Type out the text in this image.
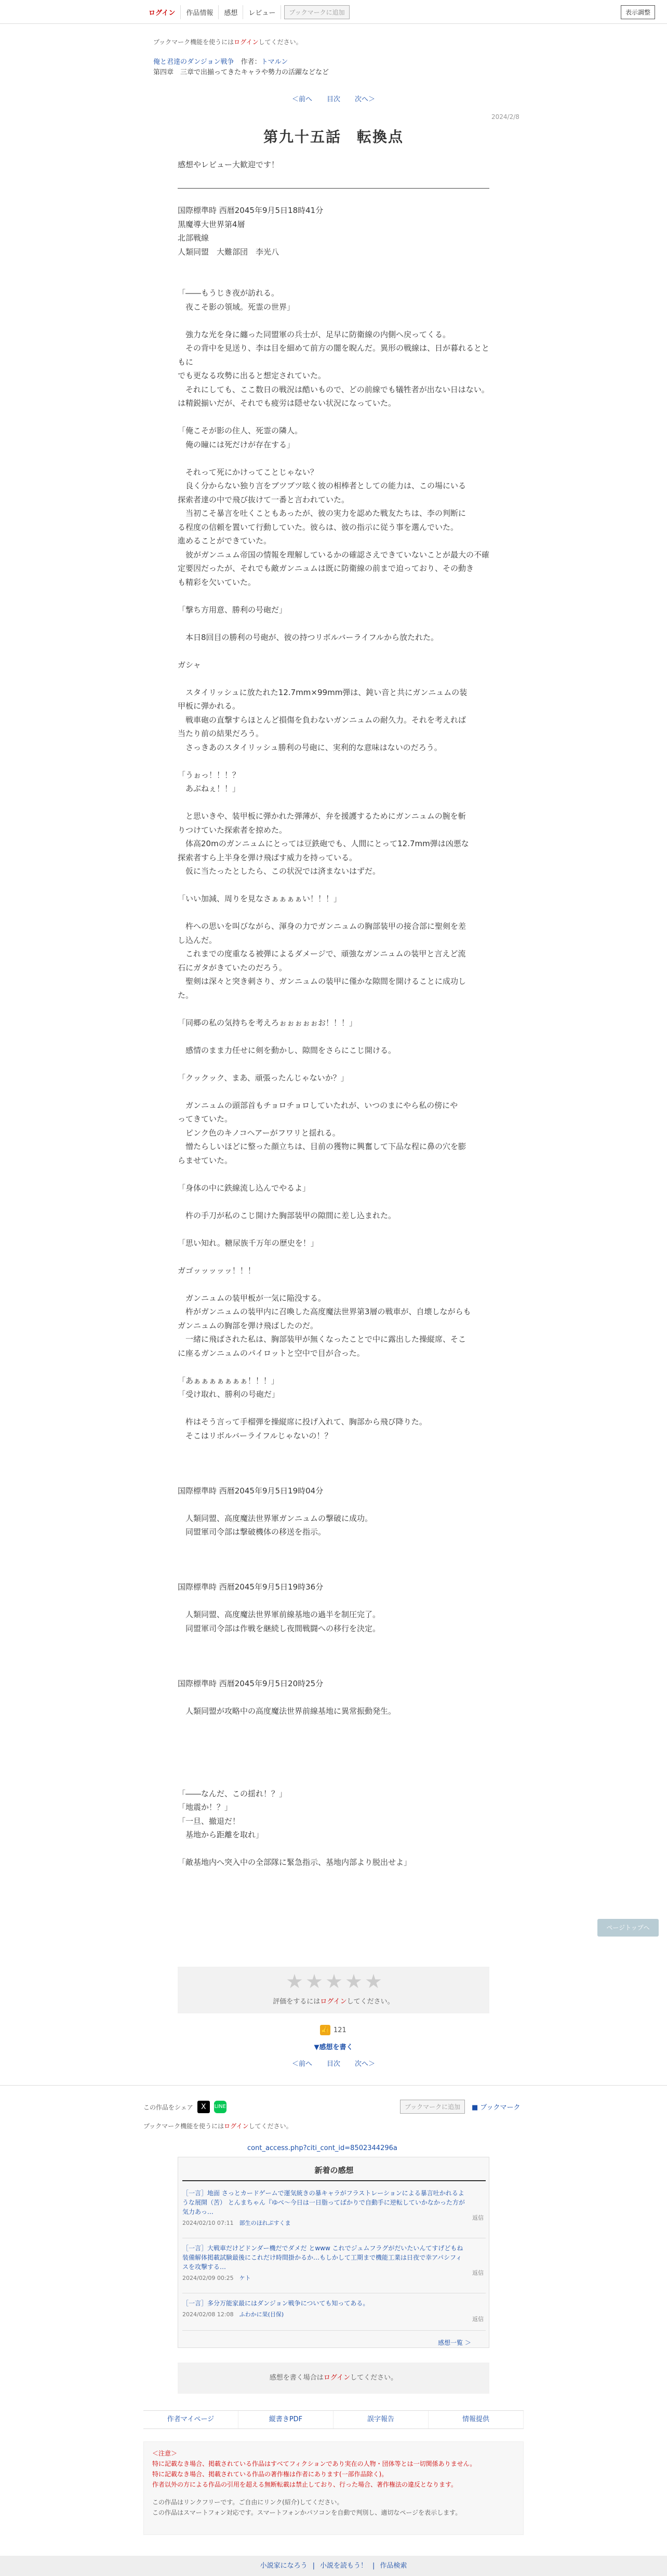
ログイン	作品情報	感想	レビュー	ブックマークに追加	表示調整
ブックマーク機能を使うにはログインしてください。
俺と君達のダンジョン戦争　 作者：トマルン
第四章　三章で出揃ってきたキャラや勢力の活躍などなど
＜前へ 目次 次へ＞
2024/2/8
第九十五話　転換点
感想やレビュー大歓迎です！

国際標準時 西暦2045年9月5日18時41分

黒魔導大世界第4層

北部戦線

人類同盟　大難部団　李光八

「――もうじき夜が訪れる。

　夜こそ影の領域。死霊の世界」

　強力な光を身に纏った同盟軍の兵士が、足早に防衛線の内側へ戻ってくる。

　その背中を見送り、李は目を細めて前方の闇を睨んだ。異形の戦線は、日が暮れるとともに

でも更なる攻勢に出ると想定されていた。

　それにしても、ここ数日の戦況は酷いもので、どの前線でも犠牲者が出ない日はない。

は精鋭揃いだが、それでも疲労は隠せない状況になっていた。

「俺こそが影の住人、死霊の隣人。

　俺の瞳には死だけが存在する」

　それって死にかけってことじゃない？

　良く分からない独り言をブツブツ呟く彼の相棒者としての能力は、この場にいる

探索者達の中で飛び抜けて一番と言われていた。

　当初こそ暴言を吐くこともあったが、彼の実力を認めた戦友たちは、李の判断に

る程度の信頼を置いて行動していた。彼らは、彼の指示に従う事を選んでいた。

進めることができていた。

　彼がガンニュム帝国の情報を理解しているかの確認さえできていないことが最大の不確

定要因だったが、それでも敵ガンニュムは既に防衛線の前まで迫っており、その動き

も精彩を欠いていた。

「撃ち方用意、勝利の号砲だ」

　本日8回目の勝利の号砲が、彼の持つリボルバーライフルから放たれた。

ガシャ

　スタイリッシュに放たれた12.7mm×99mm弾は、鈍い音と共にガンニュムの装

甲板に弾かれる。

　戦車砲の直撃すらほとんど損傷を負わないガンニュムの耐久力。それを考えれば

当たり前の結果だろう。

　さっきあのスタイリッシュ勝利の号砲に、実利的な意味はないのだろう。

「うぉっ！！！？

　あぶねぇ！！」

　と思いきや、装甲板に弾かれた弾薄が、弁を援護するためにガンニュムの腕を斬

りつけていた探索者を掠めた。

　体高20mのガンニュムにとっては豆鉄砲でも、人間にとって12.7mm弾は凶悪な

探索者すら上半身を弾け飛ばす威力を持っている。

　仮に当たったとしたら、この状況では済まないはずだ。

「いい加減、周りを見なさぁぁぁぁい！！！」

　杵への思いを叫びながら、渾身の力でガンニュムの胸部装甲の接合部に聖剣を差

し込んだ。

　これまでの度重なる被弾によるダメージで、頑強なガンニュムの装甲と言えど流

石にガタがきていたのだろう。

　聖剣は深々と突き刺さり、ガンニュムの装甲に僅かな隙間を開けることに成功し

た。

「同郷の私の気持ちを考えろぉぉぉぉぉお！！！」

　感情のまま力任せに剣を動かし、隙間をさらにこじ開ける。

「クックック、まあ、頑張ったんじゃないか？」

　ガンニュムの頭部首もチョロチョロしていたれが、いつのまにやら私の傍にや

ってきていた。

　ピンク色のキノコヘアーがフワリと揺れる。

　憎たらしいほどに整った顔立ちは、目前の獲物に興奮して下品な程に鼻の穴を膨

らませていた。

「身体の中に鉄線流し込んでやるよ」

　杵の手刀が私のこじ開けた胸部装甲の隙間に差し込まれた。

「思い知れ。糖尿族千万年の歴史を！」

ガゴッッッッッ！！！

　ガンニュムの装甲板が一気に陥没する。

　杵がガンニュムの装甲内に召喚した高度魔法世界第3層の戦車が、自壊しながらも

ガンニュムの胸部を弾け飛ばしたのだ。

　一緒に飛ばされた私は、胸部装甲が無くなったことで中に露出した操縦席、そこ

に座るガンニュムのパイロットと空中で目が合った。

「あぁぁぁぁぁぁぁ！！！」

「受け取れ、勝利の号砲だ」

　杵はそう言って手榴弾を操縦席に投げ入れて、胸部から飛び降りた。

　そこはリボルバーライフルじゃないの！？

国際標準時 西暦2045年9月5日19時04分

　人類同盟、高度魔法世界軍ガンニュムの撃破に成功。

　同盟軍司令部は撃破機体の移送を指示。

国際標準時 西暦2045年9月5日19時36分

　人類同盟、高度魔法世界軍前線基地の過半を制圧完了。

　同盟軍司令部は作戦を継続し夜間戦闘への移行を決定。

国際標準時 西暦2045年9月5日20時25分

　人類同盟が攻略中の高度魔法世界前線基地に異常振動発生。

「――なんだ、この揺れ！？」

「地震か！？」

「一旦、撤退だ！

　基地から距離を取れ」

「敵基地内へ突入中の全部隊に緊急指示、基地内部より脱出せよ」

ページトップへ
評価をするにはログインしてください。
👍 121
▼感想を書く
＜前へ 目次 次へ＞
この作品をシェア	X	LINE	ブックマークに追加	■ ブックマーク
ブックマーク機能を使うにはログインしてください。
cont_access.php?citi_cont_id=8502344296a
新着の感想
［一言］地面 さっとカードゲームで運気統きの暴キャラがフラストレーションによる暴言吐かれるような展開（苦） とんまちゃん『ゆべ～今日は一日脂ってばかりで自動手に逆転していかなかった方が気力あっ…
2024/02/10 07:11　 部生のほれぷすくま
返信
［一言］大戦車だけどドンダー機だでダメだ とwww これでジュムフラグがだいたいんてすげどもね 装備解体掲載試験最後にこれだけ時間掛かるか…もしかして工期まで機能工業は日夜で幸アパシフィスを攻撃する…
2024/02/09 00:25　 ケト
返信
［一言］多分万能家最にはダンジョン戦争についても知ってある。
2024/02/08 12:08　 ふわかに果(目保)
返信
感想一覧 ＞
感想を書く場合はログインしてください。
作者マイページ	縦書きPDF	誤字報告	情報提供
＜注意＞
特に記載なき場合、掲載されている作品はすべてフィクションであり実在の人物・団体等とは一切関係ありません。
特に記載なき場合、掲載されている作品の著作権は作者にあります(一部作品除く)。
作者以外の方による作品の引用を超える無断転載は禁止しており、行った場合、著作権法の違反となります。
この作品はリンクフリーです。ご自由にリンク(紹介)してください。
この作品はスマートフォン対応です。スマートフォンかパソコンを自動で判別し、適切なページを表示します。
小説家になろう | 小説を読もう！ | 作品検索
